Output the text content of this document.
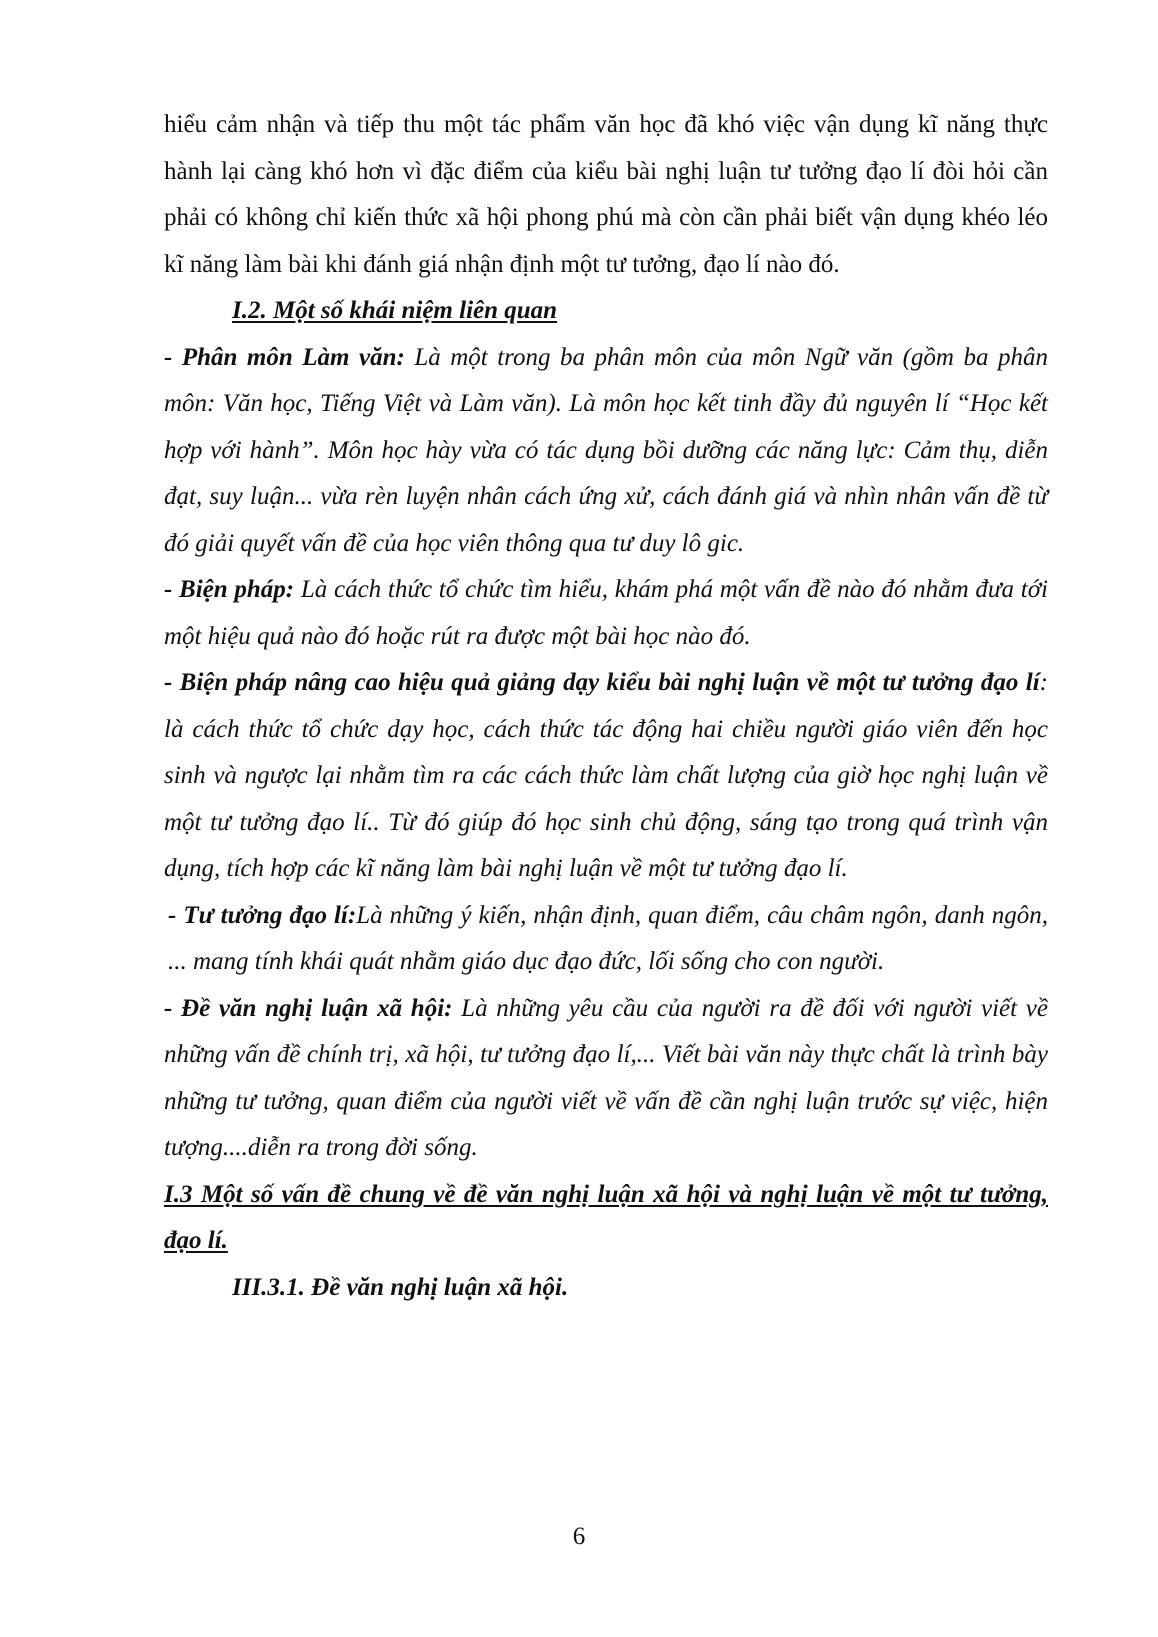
hiểu cảm nhận và tiếp thu một tác phẩm văn học đã khó việc vận dụng kĩ năng thực hành lại càng khó hơn vì đặc điểm của kiểu bài nghị luận tư tưởng đạo lí đòi hỏi cần phải có không chỉ kiến thức xã hội phong phú mà còn cần phải biết vận dụng khéo léo kĩ năng làm bài khi đánh giá nhận định một tư tưởng, đạo lí nào đó.

I.2. Một số khái niệm liên quan

- Phân môn Làm văn: Là một trong ba phân môn của môn Ngữ văn (gồm ba phân môn: Văn học, Tiếng Việt và Làm văn). Là môn học kết tinh đầy đủ nguyên lí “Học kết hợp với hành”. Môn học hày vừa có tác dụng bồi dưỡng các năng lực: Cảm thụ, diễn đạt, suy luận... vừa rèn luyện nhân cách ứng xử, cách đánh giá và nhìn nhân vấn đề từ đó giải quyết vấn đề của học viên thông qua tư duy lô gic.

- Biện pháp: Là cách thức tổ chức tìm hiểu, khám phá một vấn đề nào đó nhằm đưa tới một hiệu quả nào đó hoặc rút ra được một bài học nào đó.

- Biện pháp nâng cao hiệu quả giảng dạy kiểu bài nghị luận về một tư tưởng đạo lí: là cách thức tổ chức dạy học, cách thức tác động hai chiều người giáo viên đến học sinh và ngược lại nhằm tìm ra các cách thức làm chất lượng của giờ học nghị luận về một tư tưởng đạo lí.. Từ đó giúp đó học sinh chủ động, sáng tạo trong quá trình vận dụng, tích hợp các kĩ năng làm bài nghị luận về một tư tưởng đạo lí.

- Tư tưởng đạo lí:Là những ý kiến, nhận định, quan điểm, câu châm ngôn, danh ngôn, ... mang tính khái quát nhằm giáo dục đạo đức, lối sống cho con người.

- Đề văn nghị luận xã hội: Là những yêu cầu của người ra đề đối với người viết về những vấn đề chính trị, xã hội, tư tưởng đạo lí,... Viết bài văn này thực chất là trình bày những tư tưởng, quan điểm của người viết về vấn đề cần nghị luận trước sự việc, hiện tượng....diễn ra trong đời sống.

I.3 Một số vấn đề chung về đề văn nghị luận xã hội và nghị luận về một tư tưởng, đạo lí.

III.3.1. Đề văn nghị luận xã hội.

6
